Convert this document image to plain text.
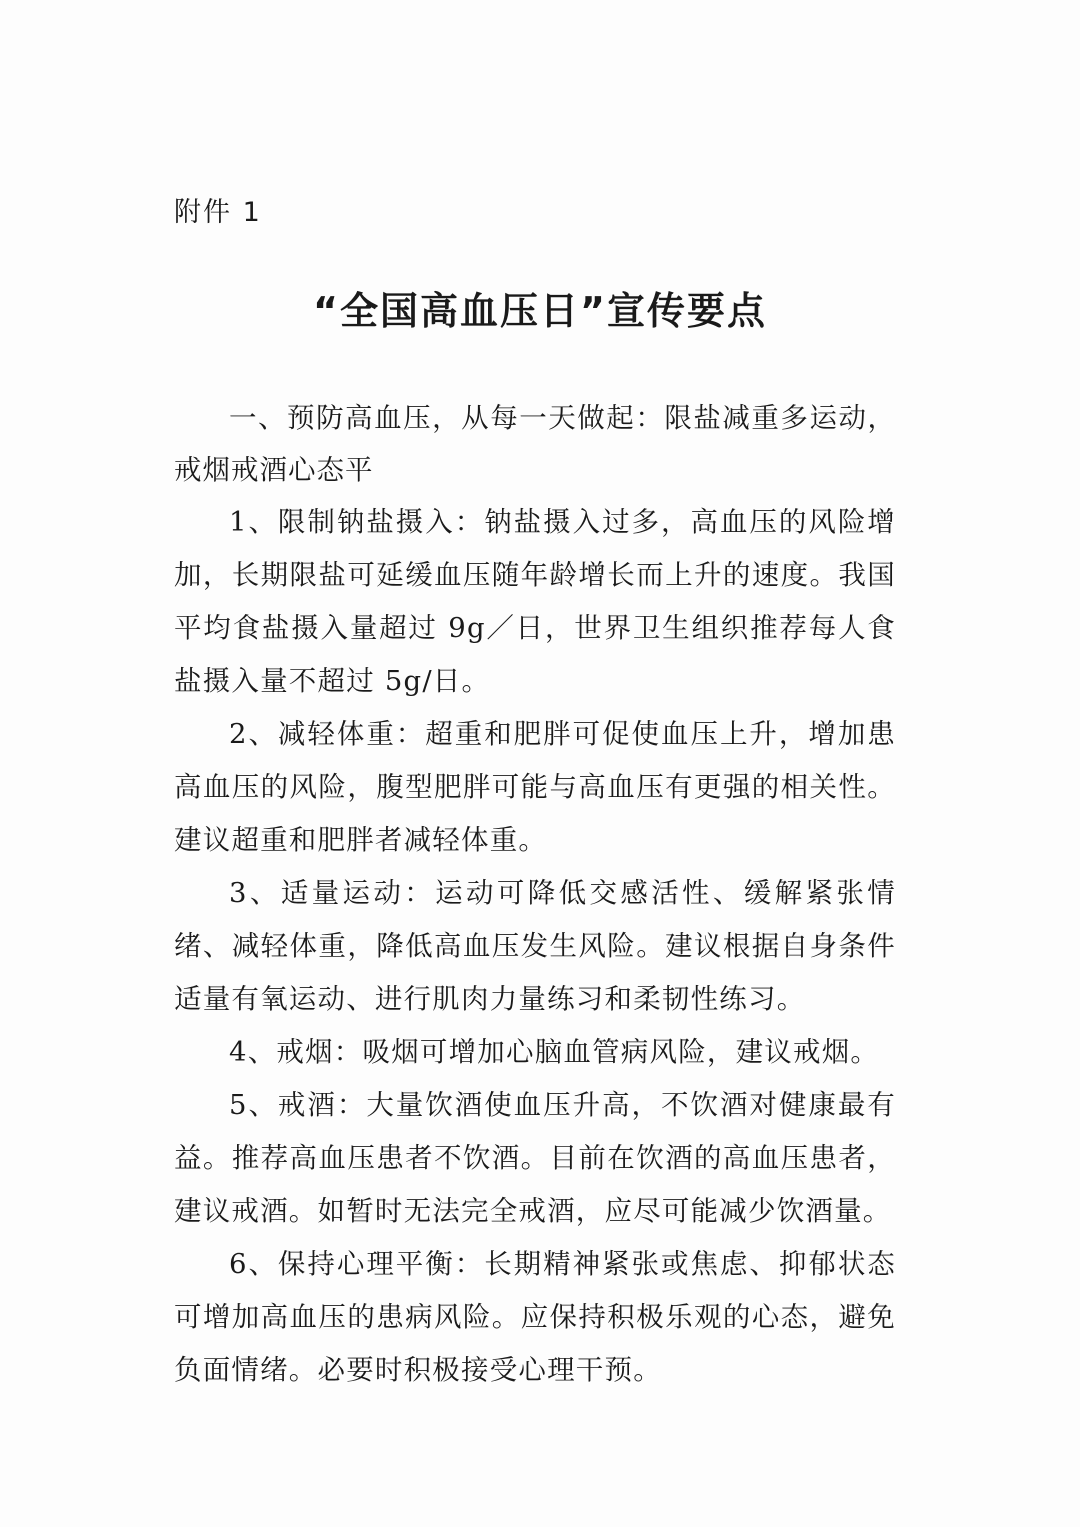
附件 1
“全国高血压日”宣传要点

一、预防高血压，从每一天做起：限盐减重多运动，戒烟戒酒心态平

1、限制钠盐摄入：钠盐摄入过多，高血压的风险增加，长期限盐可延缓血压随年龄增长而上升的速度。我国平均食盐摄入量超过 9g／日，世界卫生组织推荐每人食盐摄入量不超过 5g/日。

2、减轻体重：超重和肥胖可促使血压上升，增加患高血压的风险，腹型肥胖可能与高血压有更强的相关性。建议超重和肥胖者减轻体重。

3、适量运动：运动可降低交感活性、缓解紧张情绪、减轻体重，降低高血压发生风险。建议根据自身条件适量有氧运动、进行肌肉力量练习和柔韧性练习。

4、戒烟：吸烟可增加心脑血管病风险，建议戒烟。

5、戒酒：大量饮酒使血压升高，不饮酒对健康最有益。推荐高血压患者不饮酒。目前在饮酒的高血压患者，建议戒酒。如暂时无法完全戒酒，应尽可能减少饮酒量。

6、保持心理平衡：长期精神紧张或焦虑、抑郁状态可增加高血压的患病风险。应保持积极乐观的心态，避免负面情绪。必要时积极接受心理干预。
